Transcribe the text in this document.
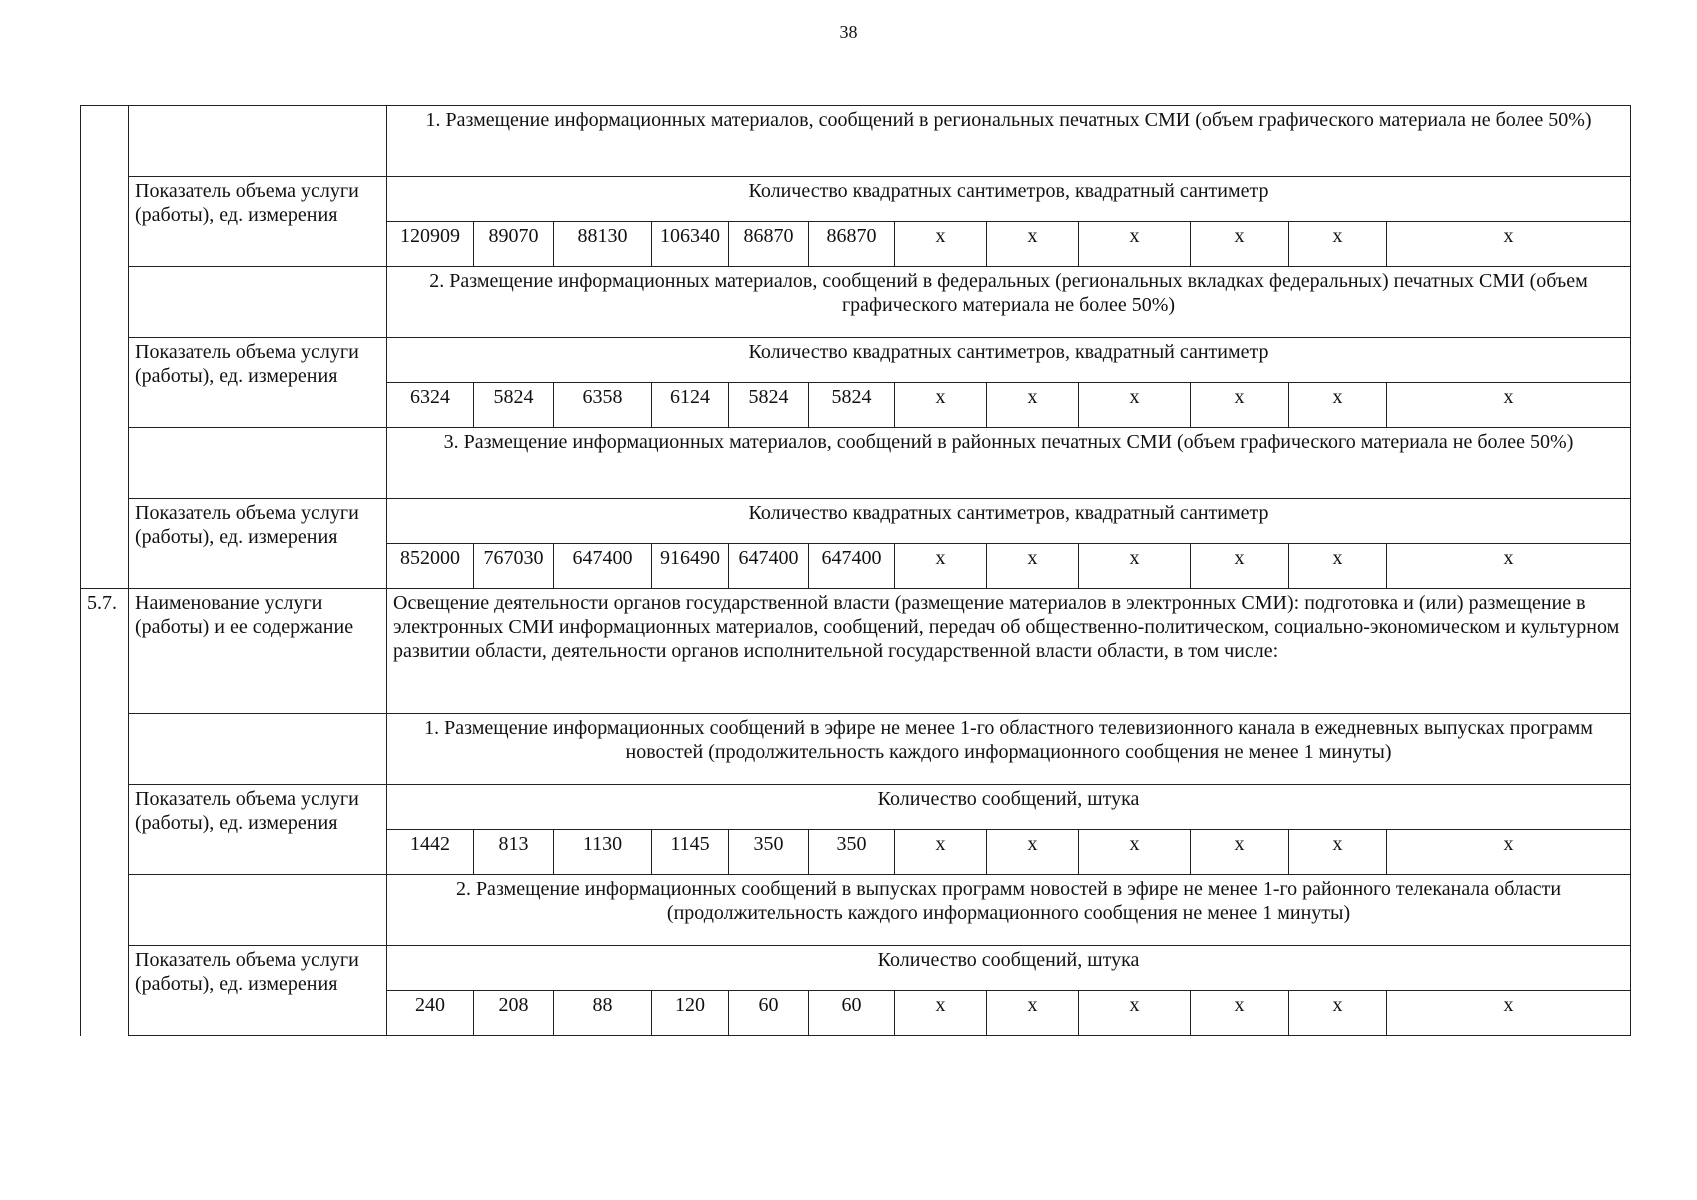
38
		1. Размещение информационных материалов, сообщений в региональных печатных СМИ (объем графического материала не более 50%)											
	Показатель объема услуги (работы), ед. измерения	Количество квадратных сантиметров, квадратный сантиметр											
		120909	89070	88130	106340	86870	86870	x	x	x	x	x	x
		2. Размещение информационных материалов, сообщений в федеральных (региональных вкладках федеральных) печатных СМИ (объем графического материала не более 50%)											
	Показатель объема услуги (работы), ед. измерения	Количество квадратных сантиметров, квадратный сантиметр											
		6324	5824	6358	6124	5824	5824	x	x	x	x	x	x
		3. Размещение информационных материалов, сообщений в районных печатных СМИ (объем графического материала не более 50%)											
	Показатель объема услуги (работы), ед. измерения	Количество квадратных сантиметров, квадратный сантиметр											
		852000	767030	647400	916490	647400	647400	x	x	x	x	x	x
5.7.	Наименование услуги (работы) и ее содержание	Освещение деятельности органов государственной власти (размещение материалов в электронных СМИ): подготовка и (или) размещение в электронных СМИ информационных материалов, сообщений, передач об общественно-политическом, социально-экономическом и культурном развитии области, деятельности органов исполнительной государственной власти области, в том числе:											
		1. Размещение информационных сообщений в эфире не менее 1-го областного телевизионного канала в ежедневных выпусках программ новостей (продолжительность каждого информационного сообщения не менее 1 минуты)											
	Показатель объема услуги (работы), ед. измерения	Количество сообщений, штука											
		1442	813	1130	1145	350	350	x	x	x	x	x	x
		2. Размещение информационных сообщений в выпусках программ новостей в эфире не менее 1-го районного телеканала области (продолжительность каждого информационного сообщения не менее 1 минуты)											
	Показатель объема услуги (работы), ед. измерения	Количество сообщений, штука											
		240	208	88	120	60	60	x	x	x	x	x	x
